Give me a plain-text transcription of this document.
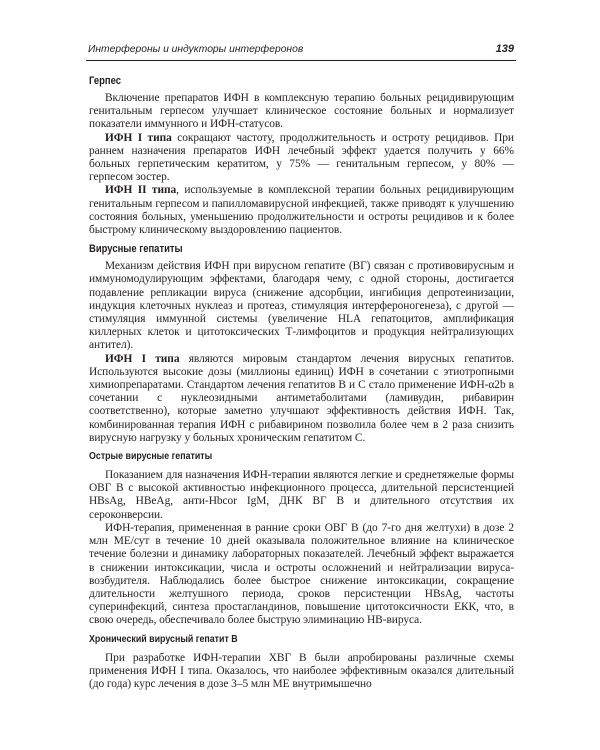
Интерфероны и индукторы интерферонов	139
Герпес

Включение препаратов ИФН в комплексную терапию больных рецидивирующим генитальным герпесом улучшает клиническое состояние больных и нормализует показатели иммунного и ИФН-статусов.

ИФН I типа сокращают частоту, продолжительность и остроту рецидивов. При раннем назначения препаратов ИФН лечебный эффект удается получить у 66% больных герпетическим кератитом, у 75% — генитальным герпесом, у 80% — герпесом зостер.

ИФН II типа, используемые в комплексной терапии больных рецидивирующим генитальным герпесом и папилломавирусной инфекцией, также приводят к улучшению состояния больных, уменьшению продолжительности и остроты рецидивов и к более быстрому клиническому выздоровлению пациентов.

Вирусные гепатиты

Механизм действия ИФН при вирусном гепатите (ВГ) связан с противовирусным и иммуномодулирующим эффектами, благодаря чему, с одной стороны, достигается подавление репликации вируса (снижение адсорбции, ингибиция депротеинизации, индукция клеточных нуклеаз и протеаз, стимуляция интерфероногенеза), с другой — стимуляция иммунной системы (увеличение HLA гепатоцитов, амплификация киллерных клеток и цитотоксических Т-лимфоцитов и продукция нейтрализующих антител).

ИФН I типа являются мировым стандартом лечения вирусных гепатитов. Используются высокие дозы (миллионы единиц) ИФН в сочетании с этиотропными химиопрепаратами. Стандартом лечения гепатитов В и С стало применение ИФН-α2b в сочетании с нуклеозидными антиметаболитами (ламивудин, рибавирин соответственно), которые заметно улучшают эффективность действия ИФН. Так, комбинированная терапия ИФН с рибавирином позволила более чем в 2 раза снизить вирусную нагрузку у больных хроническим гепатитом С.

Острые вирусные гепатиты

Показанием для назначения ИФН-терапии являются легкие и среднетяжелые формы ОВГ В с высокой активностью инфекционного процесса, длительной персистенцией HBsAg, HBeAg, анти-Hbcor IgM, ДНК ВГ В и длительного отсутствия их сероконверсии.

ИФН-терапия, примененная в ранние сроки ОВГ В (до 7-го дня желтухи) в дозе 2 млн МЕ/сут в течение 10 дней оказывала положительное влияние на клиническое течение болезни и динамику лабораторных показателей. Лечебный эффект выражается в снижении интоксикации, числа и остроты осложнений и нейтрализации вируса-возбудителя. Наблюдались более быстрое снижение интоксикации, сокращение длительности желтушного периода, сроков персистенции HBsAg, частоты суперинфекций, синтеза простагландинов, повышение цитотоксичности ЕКК, что, в свою очередь, обеспечивало более быструю элиминацию НВ-вируса.

Хронический вирусный гепатит В

При разработке ИФН-терапии ХВГ В были апробированы различные схемы применения ИФН I типа. Оказалось, что наиболее эффективным оказался длительный (до года) курс лечения в дозе 3–5 млн МЕ внутримышечно
